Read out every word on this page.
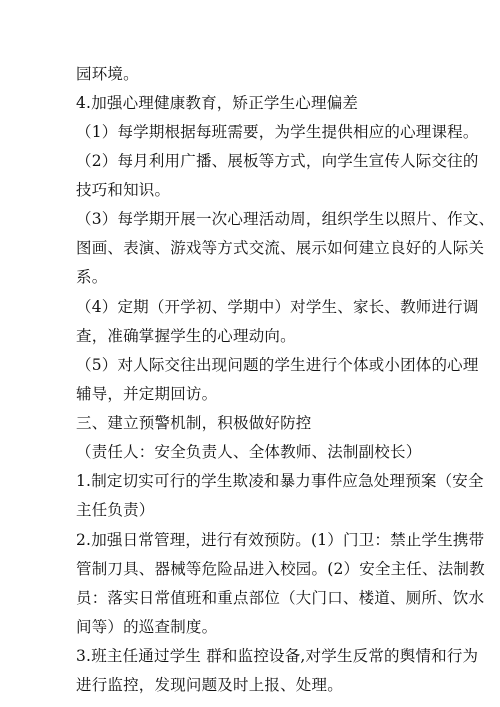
园环境。
4.加强心理健康教育，矫正学生心理偏差
（1）每学期根据每班需要，为学生提供相应的心理课程。
（2）每月利用广播、展板等方式，向学生宣传人际交往的
技巧和知识。
（3）每学期开展一次心理活动周，组织学生以照片、作文、
图画、表演、游戏等方式交流、展示如何建立良好的人际关
系。
（4）定期（开学初、学期中）对学生、家长、教师进行调
查，准确掌握学生的心理动向。
（5）对人际交往出现问题的学生进行个体或小团体的心理
辅导，并定期回访。
三、建立预警机制，积极做好防控
（责任人：安全负责人、全体教师、法制副校长）
1.制定切实可行的学生欺凌和暴力事件应急处理预案（安全
主任负责）
2.加强日常管理，进行有效预防。(1）门卫：禁止学生携带
管制刀具、器械等危险品进入校园。(2）安全主任、法制教
员：落实日常值班和重点部位（大门口、楼道、厕所、饮水
间等）的巡查制度。
3.班主任通过学生 群和监控设备,对学生反常的舆情和行为
进行监控，发现问题及时上报、处理。
